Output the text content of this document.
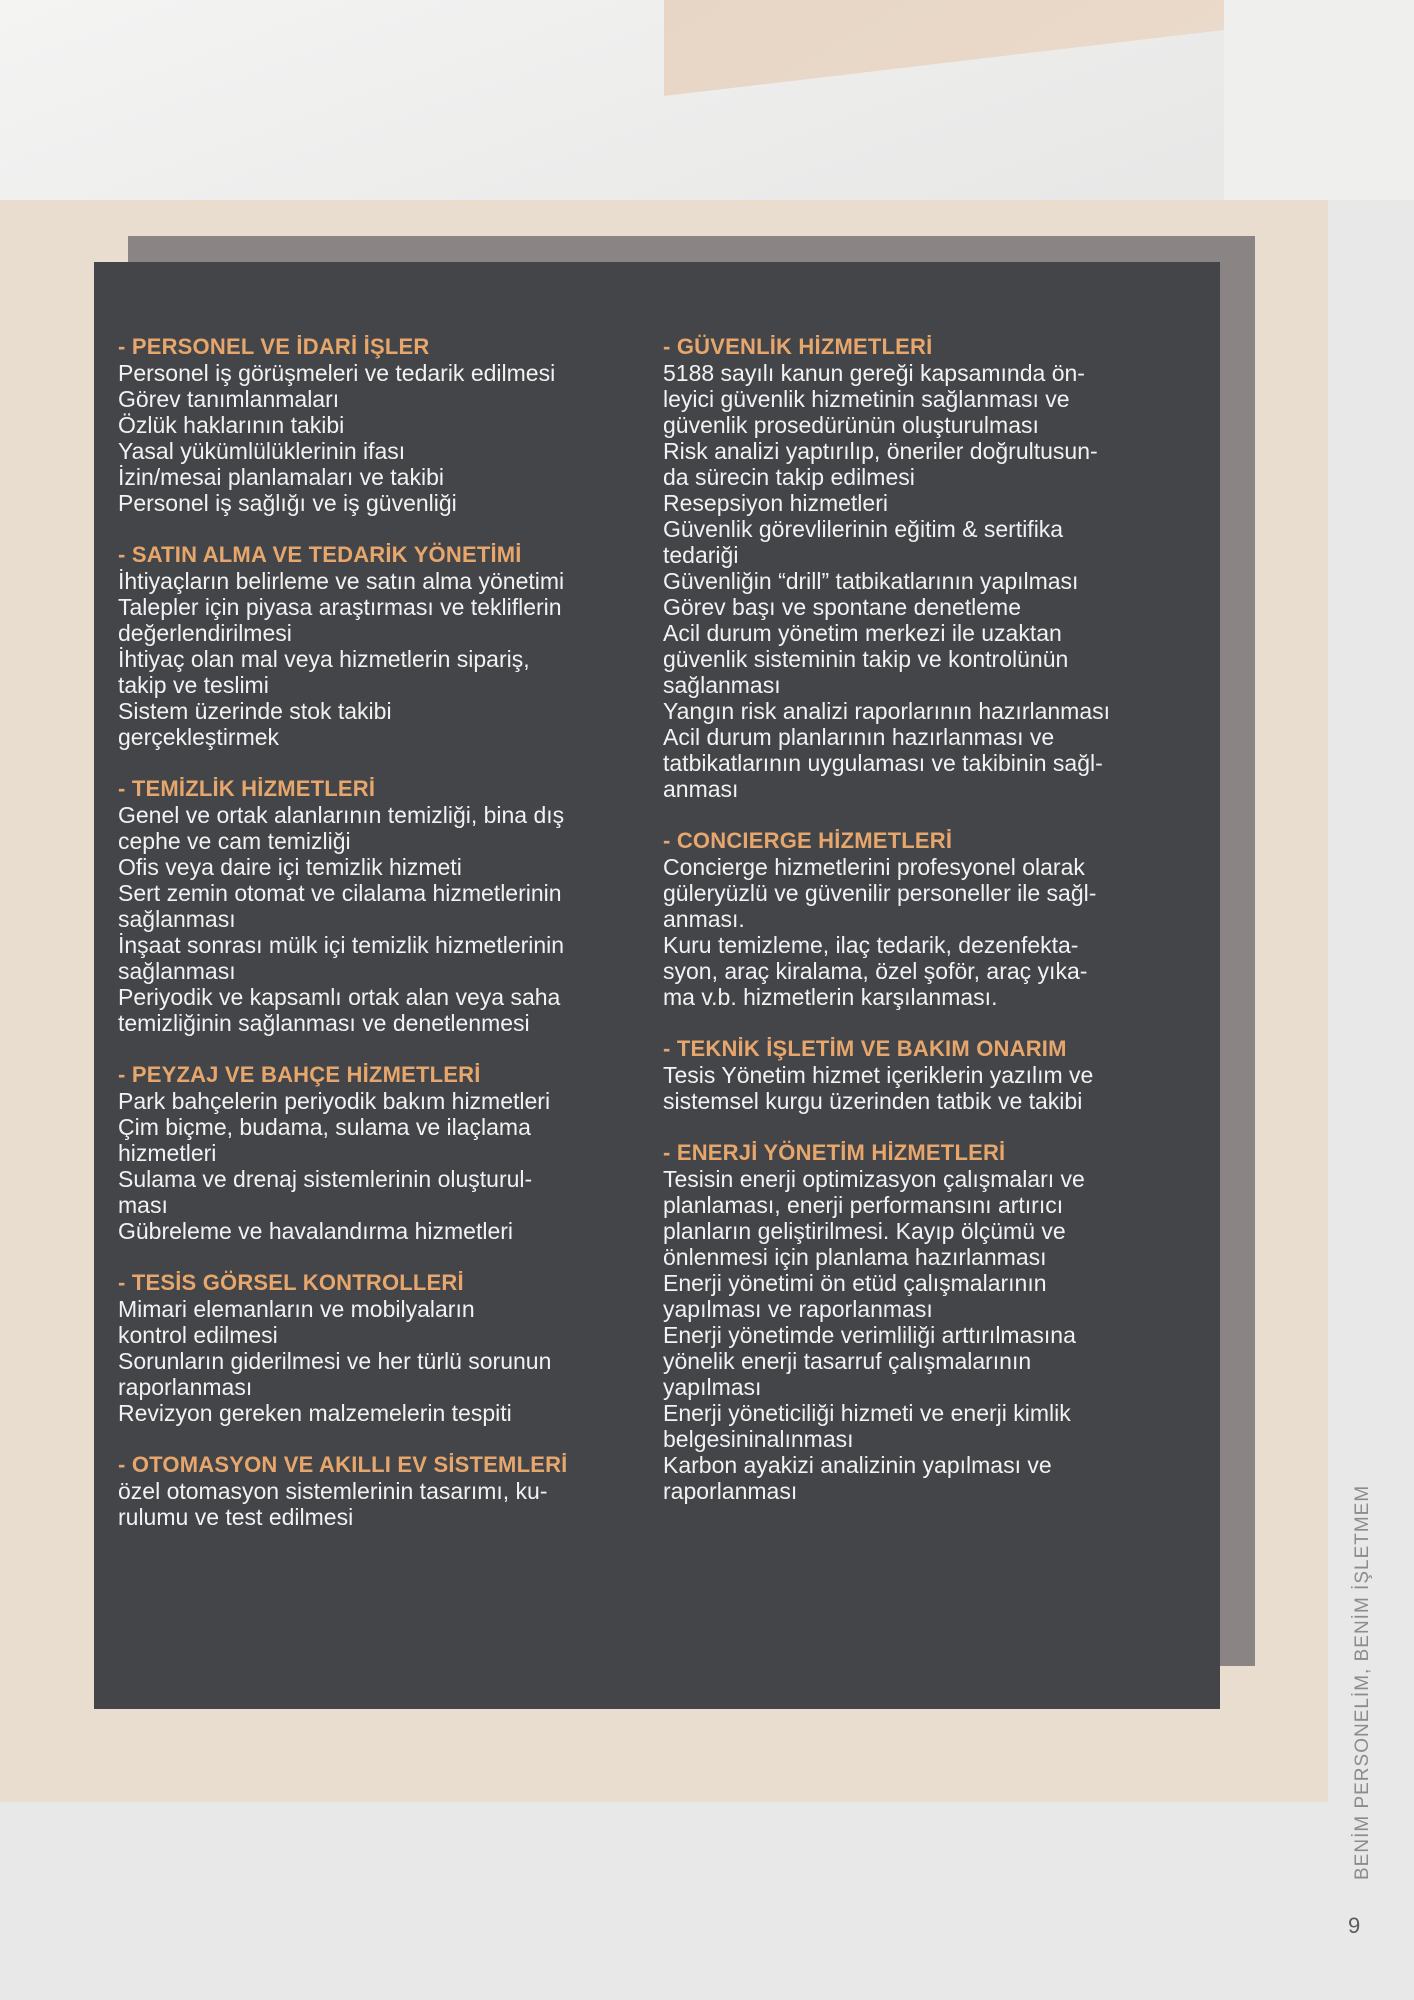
- PERSONEL VE İDARİ İŞLER
Personel iş görüşmeleri ve tedarik edilmesi
Görev tanımlanmaları
Özlük haklarının takibi
Yasal yükümlülüklerinin ifası
İzin/mesai planlamaları ve takibi
Personel iş sağlığı ve iş güvenliği
- SATIN ALMA VE TEDARİK YÖNETİMİ
İhtiyaçların belirleme ve satın alma yönetimi
Talepler için piyasa araştırması ve tekliflerin
değerlendirilmesi
İhtiyaç olan mal veya hizmetlerin sipariş,
takip ve teslimi
Sistem üzerinde stok takibi
gerçekleştirmek
- TEMİZLİK HİZMETLERİ
Genel ve ortak alanlarının temizliği, bina dış
cephe ve cam temizliği
Ofis veya daire içi temizlik hizmeti
Sert zemin otomat ve cilalama hizmetlerinin
sağlanması
İnşaat sonrası mülk içi temizlik hizmetlerinin
sağlanması
Periyodik ve kapsamlı ortak alan veya saha
temizliğinin sağlanması ve denetlenmesi
- PEYZAJ VE BAHÇE HİZMETLERİ
Park bahçelerin periyodik bakım hizmetleri
Çim biçme, budama, sulama ve ilaçlama
hizmetleri
Sulama ve drenaj sistemlerinin oluşturul-
ması
Gübreleme ve havalandırma hizmetleri
- TESİS GÖRSEL KONTROLLERİ
Mimari elemanların ve mobilyaların
kontrol edilmesi
Sorunların giderilmesi ve her türlü sorunun
raporlanması
Revizyon gereken malzemelerin tespiti
- OTOMASYON VE AKILLI EV SİSTEMLERİ
özel otomasyon sistemlerinin tasarımı, ku-
rulumu ve test edilmesi
- GÜVENLİK HİZMETLERİ
5188 sayılı kanun gereği kapsamında ön-
leyici güvenlik hizmetinin sağlanması ve
güvenlik prosedürünün oluşturulması
Risk analizi yaptırılıp, öneriler doğrultusun-
da sürecin takip edilmesi
Resepsiyon hizmetleri
Güvenlik görevlilerinin eğitim & sertifika
tedariği
Güvenliğin “drill” tatbikatlarının yapılması
Görev başı ve spontane denetleme
Acil durum yönetim merkezi ile uzaktan
güvenlik sisteminin takip ve kontrolünün
sağlanması
Yangın risk analizi raporlarının hazırlanması
Acil durum planlarının hazırlanması ve
tatbikatlarının uygulaması ve takibinin sağl-
anması
- CONCIERGE HİZMETLERİ
Concierge hizmetlerini profesyonel olarak
güleryüzlü ve güvenilir personeller ile sağl-
anması.
Kuru temizleme, ilaç tedarik, dezenfekta-
syon, araç kiralama, özel şoför, araç yıka-
ma v.b. hizmetlerin karşılanması.
- TEKNİK İŞLETİM VE BAKIM ONARIM
Tesis Yönetim hizmet içeriklerin yazılım ve
sistemsel kurgu üzerinden tatbik ve takibi
- ENERJİ YÖNETİM HİZMETLERİ
Tesisin enerji optimizasyon çalışmaları ve
planlaması, enerji performansını artırıcı
planların geliştirilmesi. Kayıp ölçümü ve
önlenmesi için planlama hazırlanması
Enerji yönetimi ön etüd çalışmalarının
yapılması ve raporlanması
Enerji yönetimde verimliliği arttırılmasına
yönelik enerji tasarruf çalışmalarının
yapılması
Enerji yöneticiliği hizmeti ve enerji kimlik
belgesininalınması
Karbon ayakizi analizinin yapılması ve
raporlanması	BENİM PERSONELİM, BENİM İŞLETMEM
9
